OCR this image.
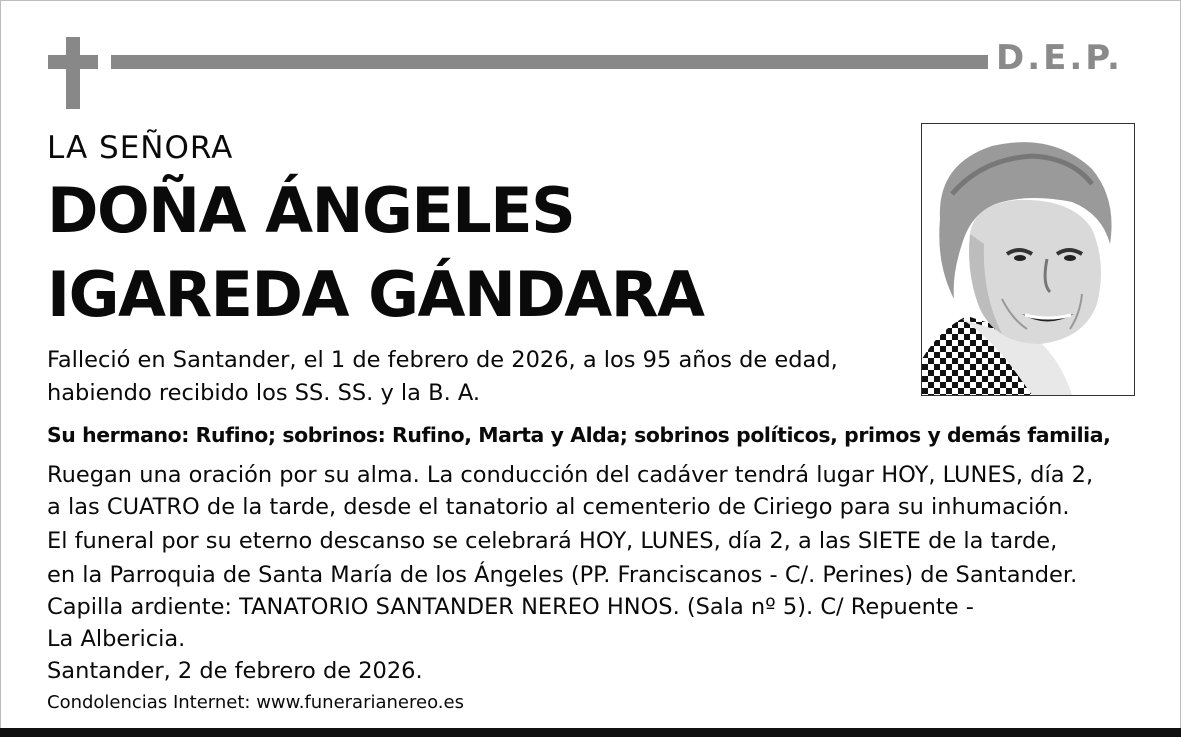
D.E.P.
LA SEÑORA
DOÑA ÁNGELES
IGAREDA GÁNDARA
Falleció en Santander, el 1 de febrero de 2026, a los 95 años de edad,
habiendo recibido los SS. SS. y la B. A.
Su hermano: Rufino; sobrinos: Rufino, Marta y Alda; sobrinos políticos, primos y demás familia,
Ruegan una oración por su alma. La conducción del cadáver tendrá lugar HOY, LUNES, día 2,
a las CUATRO de la tarde, desde el tanatorio al cementerio de Ciriego para su inhumación.
El funeral por su eterno descanso se celebrará HOY, LUNES, día 2, a las SIETE de la tarde,
en la Parroquia de Santa María de los Ángeles (PP. Franciscanos - C/. Perines) de Santander.
Capilla ardiente: TANATORIO SANTANDER NEREO HNOS. (Sala nº 5). C/ Repuente -
La Albericia.
Santander, 2 de febrero de 2026.
Condolencias Internet: www.funerarianereo.es
